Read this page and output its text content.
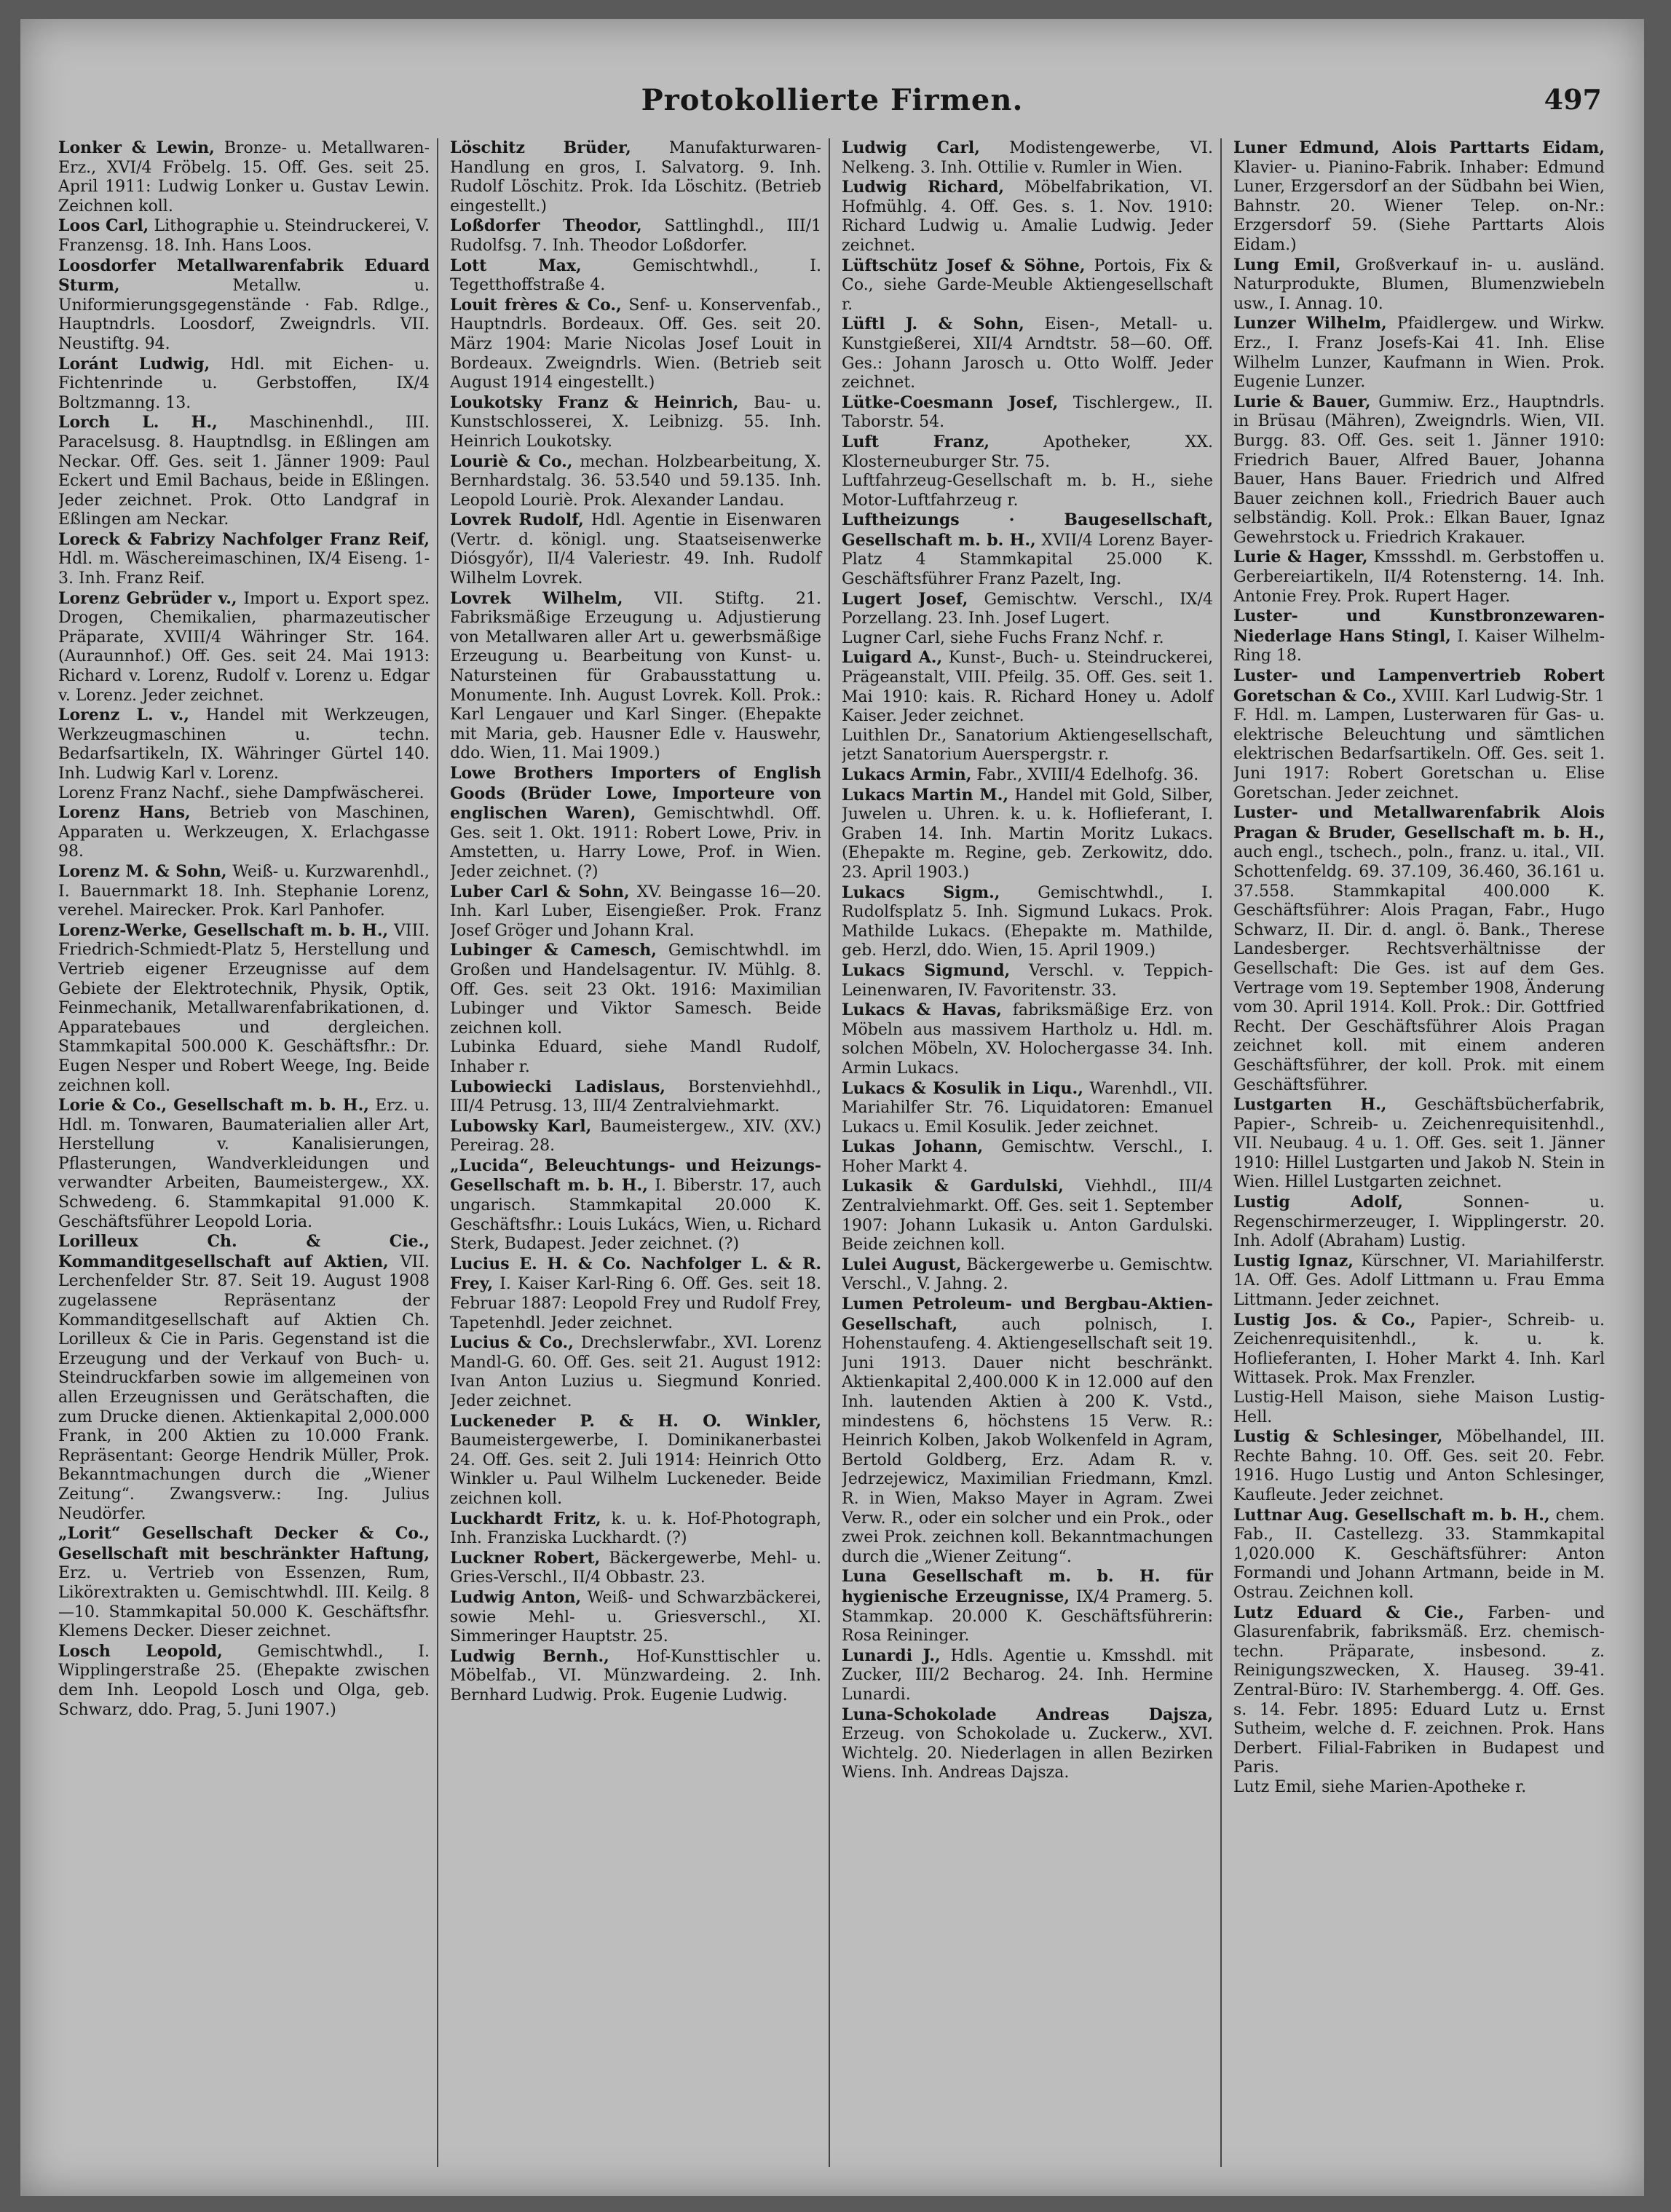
Protokollierte Firmen.	497

Lonker & Lewin, Bronze- u. Metallwaren-Erz., XVI/4 Fröbelg. 15. Off. Ges. seit 25. April 1911: Ludwig Lonker u. Gustav Lewin. Zeichnen koll.

Loos Carl, Lithographie u. Steindruckerei, V. Franzensg. 18. Inh. Hans Loos.

Loosdorfer Metallwarenfabrik Eduard Sturm,	Metallw. u. Uniformierungsgegenstände · Fab. Rdlge., Hauptndrls. Loosdorf, Zweigndrls. VII. Neustiftg. 94.

Loránt Ludwig, Hdl. mit Eichen- u. Fichtenrinde u. Gerbstoffen, IX/4 Boltzmanng. 13.

Lorch L. H., Maschinenhdl., III. Paracelsusg. 8. Hauptndlsg. in Eßlingen am Neckar. Off. Ges. seit 1. Jänner 1909: Paul Eckert und Emil Bachaus, beide in Eßlingen. Jeder zeichnet. Prok. Otto Landgraf in Eßlingen am Neckar.

Loreck & Fabrizy Nachfolger Franz Reif, Hdl. m. Wäschereimaschinen, IX/4 Eiseng. 1-3. Inh. Franz Reif.

Lorenz Gebrüder v., Import u. Export spez. Drogen, Chemikalien, pharmazeutischer Präparate, XVIII/4 Währinger Str. 164. (Auraunnhof.) Off. Ges. seit 24. Mai 1913: Richard v. Lorenz, Rudolf v. Lorenz u. Edgar v. Lorenz. Jeder zeichnet.

Lorenz L. v., Handel mit Werkzeugen, Werkzeugmaschinen u. techn. Bedarfsartikeln, IX. Währinger Gürtel 140. Inh. Ludwig Karl v. Lorenz.

Lorenz Franz Nachf., siehe Dampfwäscherei.

Lorenz Hans, Betrieb von Maschinen, Apparaten u. Werkzeugen, X. Erlachgasse 98.

Lorenz M. & Sohn, Weiß- u. Kurzwarenhdl., I. Bauernmarkt 18. Inh. Stephanie Lorenz, verehel. Mairecker. Prok. Karl Panhofer.

Lorenz-Werke, Gesellschaft m. b. H., VIII. Friedrich-Schmiedt-Platz 5, Herstellung und Vertrieb eigener Erzeugnisse auf dem Gebiete der Elektrotechnik, Physik, Optik, Feinmechanik, Metallwarenfabrikationen, d. Apparatebaues und dergleichen. Stammkapital 500.000 K. Geschäftsfhr.: Dr. Eugen Nesper und Robert Weege, Ing. Beide zeichnen koll.

Lorie & Co., Gesellschaft m. b. H., Erz. u. Hdl. m. Tonwaren, Baumaterialien aller Art, Herstellung v. Kanalisierungen, Pflasterungen, Wandverkleidungen und verwandter Arbeiten, Baumeistergew., XX. Schwedeng. 6. Stammkapital 91.000 K. Geschäftsführer Leopold Loria.

Lorilleux Ch. & Cie., Kommanditgesellschaft auf Aktien, VII. Lerchenfelder Str. 87. Seit 19. August 1908 zugelassene Repräsentanz der Kommanditgesellschaft auf Aktien Ch. Lorilleux & Cie in Paris. Gegenstand ist die Erzeugung und der Verkauf von Buch- u. Steindruckfarben sowie im allgemeinen von allen Erzeugnissen und Gerätschaften, die zum Drucke dienen. Aktienkapital 2,000.000 Frank, in 200 Aktien zu 10.000 Frank. Repräsentant: George Hendrik Müller, Prok. Bekanntmachungen durch die „Wiener Zeitung“. Zwangsverw.: Ing. Julius Neudörfer.

„Lorit“ Gesellschaft Decker & Co., Gesellschaft mit beschränkter Haftung, Erz. u. Vertrieb von Essenzen, Rum, Likörextrakten u. Gemischtwhdl. III. Keilg. 8—10. Stammkapital 50.000 K. Geschäftsfhr. Klemens Decker. Dieser zeichnet.

Losch Leopold, Gemischtwhdl., I. Wipplingerstraße 25. (Ehepakte zwischen dem Inh. Leopold Losch und Olga, geb. Schwarz, ddo. Prag, 5. Juni 1907.)

Löschitz Brüder, Manufakturwaren-Handlung en gros, I. Salvatorg. 9. Inh. Rudolf Löschitz. Prok. Ida Löschitz. (Betrieb eingestellt.)

Loßdorfer Theodor, Sattlinghdl., III/1 Rudolfsg. 7. Inh. Theodor Loßdorfer.

Lott Max,	Gemischtwhdl., I. Tegetthoffstraße 4.

Louit frères & Co., Senf- u. Konservenfab., Hauptndrls. Bordeaux. Off. Ges. seit 20. März 1904: Marie Nicolas Josef Louit in Bordeaux. Zweigndrls. Wien. (Betrieb seit August 1914 eingestellt.)

Loukotsky Franz & Heinrich, Bau- u. Kunstschlosserei, X. Leibnizg. 55. Inh. Heinrich Loukotsky.

Louriè & Co., mechan. Holzbearbeitung, X. Bernhardstalg. 36. 53.540 und 59.135. Inh. Leopold Louriè. Prok. Alexander Landau.

Lovrek Rudolf, Hdl. Agentie in Eisenwaren (Vertr. d. königl. ung. Staatseisenwerke Diósgyőr), II/4 Valeriestr. 49. Inh. Rudolf Wilhelm Lovrek.

Lovrek Wilhelm, VII. Stiftg. 21. Fabriksmäßige Erzeugung u. Adjustierung von Metallwaren aller Art u. gewerbsmäßige Erzeugung u. Bearbeitung von Kunst- u. Natursteinen für Grabausstattung u. Monumente. Inh. August Lovrek. Koll. Prok.: Karl Lengauer und Karl Singer. (Ehepakte mit Maria, geb. Hausner Edle v. Hauswehr, ddo. Wien, 11. Mai 1909.)

Lowe Brothers Importers of English Goods (Brüder Lowe, Importeure von englischen Waren), Gemischtwhdl. Off. Ges. seit 1. Okt. 1911: Robert Lowe, Priv. in Amstetten, u. Harry Lowe, Prof. in Wien. Jeder zeichnet. (?)

Luber Carl & Sohn, XV. Beingasse 16—20. Inh. Karl Luber, Eisengießer. Prok. Franz Josef Gröger und Johann Kral.

Lubinger & Camesch, Gemischtwhdl. im Großen und Handelsagentur. IV. Mühlg. 8. Off. Ges. seit 23 Okt. 1916: Maximilian Lubinger und Viktor Samesch. Beide zeichnen koll.

Lubinka Eduard, siehe Mandl Rudolf, Inhaber r.

Lubowiecki Ladislaus, Borstenviehhdl., III/4 Petrusg. 13, III/4 Zentralviehmarkt.

Lubowsky Karl, Baumeistergew., XIV. (XV.) Pereirag. 28.

„Lucida“, Beleuchtungs- und Heizungs-Gesellschaft m. b. H., I. Biberstr. 17, auch ungarisch. Stammkapital 20.000 K. Geschäftsfhr.: Louis Lukács, Wien, u. Richard Sterk, Budapest. Jeder zeichnet. (?)

Lucius E. H. & Co. Nachfolger L. & R. Frey, I. Kaiser Karl-Ring 6. Off. Ges. seit 18. Februar 1887: Leopold Frey und Rudolf Frey, Tapetenhdl. Jeder zeichnet.

Lucius & Co., Drechslerwfabr., XVI. Lorenz Mandl-G. 60. Off. Ges. seit 21. August 1912: Ivan Anton Luzius u. Siegmund Konried. Jeder zeichnet.

Luckeneder P. & H. O. Winkler, Baumeistergewerbe, I. Dominikanerbastei 24. Off. Ges. seit 2. Juli 1914: Heinrich Otto Winkler u. Paul Wilhelm Luckeneder. Beide zeichnen koll.

Luckhardt Fritz, k. u. k. Hof-Photograph, Inh. Franziska Luckhardt. (?)

Luckner Robert, Bäckergewerbe, Mehl- u. Gries-Verschl., II/4 Obbastr. 23.

Ludwig Anton, Weiß- und Schwarzbäckerei, sowie Mehl- u. Griesverschl., XI. Simmeringer Hauptstr. 25.

Ludwig Bernh., Hof-Kunsttischler u. Möbelfab., VI. Münzwardeing. 2. Inh. Bernhard Ludwig. Prok. Eugenie Ludwig.

Ludwig Carl, Modistengewerbe, VI. Nelkeng. 3. Inh. Ottilie v. Rumler in Wien.

Ludwig Richard, Möbelfabrikation, VI. Hofmühlg. 4. Off. Ges. s. 1. Nov. 1910: Richard Ludwig u. Amalie Ludwig. Jeder zeichnet.

Lüftschütz Josef & Söhne, Portois, Fix & Co., siehe Garde-Meuble Aktiengesellschaft r.

Lüftl J. & Sohn, Eisen-, Metall- u. Kunstgießerei, XII/4 Arndtstr. 58—60. Off. Ges.: Johann Jarosch u. Otto Wolff. Jeder zeichnet.

Lütke-Coesmann Josef, Tischlergew., II. Taborstr. 54.

Luft Franz,	Apotheker, XX. Klosterneuburger Str. 75.

Luftfahrzeug-Gesellschaft m. b. H., siehe Motor-Luftfahrzeug r.

Luftheizungs · Baugesellschaft, Gesellschaft m. b. H., XVII/4 Lorenz Bayer-Platz 4 Stammkapital 25.000 K. Geschäftsführer Franz Pazelt, Ing.

Lugert Josef, Gemischtw. Verschl., IX/4 Porzellang. 23. Inh. Josef Lugert.

Lugner Carl, siehe Fuchs Franz Nchf. r.

Luigard A., Kunst-, Buch- u. Steindruckerei, Prägeanstalt, VIII. Pfeilg. 35. Off. Ges. seit 1. Mai 1910: kais. R. Richard Honey u. Adolf Kaiser. Jeder zeichnet.

Luithlen Dr., Sanatorium Aktiengesellschaft, jetzt Sanatorium Auerspergstr. r.

Lukacs Armin, Fabr., XVIII/4 Edelhofg. 36.

Lukacs Martin M., Handel mit Gold, Silber, Juwelen u. Uhren. k. u. k. Hoflieferant, I. Graben 14. Inh. Martin Moritz Lukacs. (Ehepakte m. Regine, geb. Zerkowitz, ddo. 23. April 1903.)

Lukacs Sigm., Gemischtwhdl., I. Rudolfsplatz 5. Inh. Sigmund Lukacs. Prok. Mathilde Lukacs. (Ehepakte m. Mathilde, geb. Herzl, ddo. Wien, 15. April 1909.)

Lukacs Sigmund, Verschl. v. Teppich-Leinenwaren, IV. Favoritenstr. 33.

Lukacs & Havas, fabriksmäßige Erz. von Möbeln aus massivem Hartholz u. Hdl. m. solchen Möbeln, XV. Holochergasse 34. Inh. Armin Lukacs.

Lukacs & Kosulik in Liqu., Warenhdl., VII. Mariahilfer Str. 76. Liquidatoren: Emanuel Lukacs u. Emil Kosulik. Jeder zeichnet.

Lukas Johann, Gemischtw. Verschl., I. Hoher Markt 4.

Lukasik & Gardulski, Viehhdl., III/4 Zentralviehmarkt. Off. Ges. seit 1. September 1907: Johann Lukasik u. Anton Gardulski. Beide zeichnen koll.

Lulei August, Bäckergewerbe u. Gemischtw. Verschl., V. Jahng. 2.

Lumen Petroleum- und Bergbau-Aktien-Gesellschaft,	auch polnisch, I. Hohenstaufeng. 4. Aktiengesellschaft seit 19. Juni 1913. Dauer nicht beschränkt. Aktienkapital 2,400.000 K in 12.000 auf den Inh. lautenden Aktien à 200 K. Vstd., mindestens 6, höchstens 15 Verw. R.: Heinrich Kolben, Jakob Wolkenfeld in Agram, Bertold Goldberg, Erz. Adam R. v. Jedrzejewicz, Maximilian Friedmann, Kmzl. R. in Wien, Makso Mayer in Agram. Zwei Verw. R., oder ein solcher und ein Prok., oder zwei Prok. zeichnen koll. Bekanntmachungen durch die „Wiener Zeitung“.

Luna Gesellschaft m. b. H. für hygienische Erzeugnisse, IX/4 Pramerg. 5. Stammkap. 20.000 K. Geschäftsführerin: Rosa Reininger.

Lunardi J., Hdls. Agentie u. Kmsshdl. mit Zucker, III/2 Becharog. 24. Inh. Hermine Lunardi.

Luna-Schokolade Andreas Dajsza, Erzeug. von Schokolade u. Zuckerw., XVI. Wichtelg. 20. Niederlagen in allen Bezirken Wiens. Inh. Andreas Dajsza.

Luner Edmund, Alois Parttarts Eidam, Klavier- u. Pianino-Fabrik. Inhaber: Edmund Luner, Erzgersdorf an der Südbahn bei Wien, Bahnstr. 20. Wiener Telep. on-Nr.: Erzgersdorf 59. (Siehe Parttarts Alois Eidam.)

Lung Emil, Großverkauf in- u. ausländ. Naturprodukte, Blumen, Blumenzwiebeln usw., I. Annag. 10.

Lunzer Wilhelm, Pfaidlergew. und Wirkw. Erz., I. Franz Josefs-Kai 41. Inh. Elise Wilhelm Lunzer, Kaufmann in Wien. Prok. Eugenie Lunzer.

Lurie & Bauer, Gummiw. Erz., Hauptndrls. in Brüsau (Mähren), Zweigndrls. Wien, VII. Burgg. 83. Off. Ges. seit 1. Jänner 1910: Friedrich Bauer, Alfred Bauer, Johanna Bauer, Hans Bauer. Friedrich und Alfred Bauer zeichnen koll., Friedrich Bauer auch selbständig. Koll. Prok.: Elkan Bauer, Ignaz Gewehrstock u. Friedrich Krakauer.

Lurie & Hager, Kmssshdl. m. Gerbstoffen u. Gerbereiartikeln, II/4 Rotensterng. 14. Inh. Antonie Frey. Prok. Rupert Hager.

Luster- und Kunstbronzewaren-Niederlage Hans Stingl, I. Kaiser Wilhelm-Ring 18.

Luster- und Lampenvertrieb Robert Goretschan & Co., XVIII. Karl Ludwig-Str. 1 F. Hdl. m. Lampen, Lusterwaren für Gas- u. elektrische Beleuchtung und sämtlichen elektrischen Bedarfsartikeln. Off. Ges. seit 1. Juni 1917: Robert Goretschan u. Elise Goretschan. Jeder zeichnet.

Luster- und Metallwarenfabrik Alois Pragan & Bruder, Gesellschaft m. b. H., auch engl., tschech., poln., franz. u. ital., VII. Schottenfeldg. 69. 37.109, 36.460, 36.161 u. 37.558. Stammkapital 400.000 K. Geschäftsführer: Alois Pragan, Fabr., Hugo Schwarz, II. Dir. d. angl. ö. Bank., Therese Landesberger. Rechtsverhältnisse der Gesellschaft: Die Ges. ist auf dem Ges. Vertrage vom 19. September 1908, Änderung vom 30. April 1914. Koll. Prok.: Dir. Gottfried Recht. Der Geschäftsführer Alois Pragan zeichnet koll. mit einem anderen Geschäftsführer, der koll. Prok. mit einem Geschäftsführer.

Lustgarten H., Geschäftsbücherfabrik, Papier-, Schreib- u. Zeichenrequisitenhdl., VII. Neubaug. 4 u. 1. Off. Ges. seit 1. Jänner 1910: Hillel Lustgarten und Jakob N. Stein in Wien. Hillel Lustgarten zeichnet.

Lustig Adolf,	Sonnen- u. Regenschirmerzeuger, I. Wipplingerstr. 20. Inh. Adolf (Abraham) Lustig.

Lustig Ignaz, Kürschner, VI. Mariahilferstr. 1A. Off. Ges. Adolf Littmann u. Frau Emma Littmann. Jeder zeichnet.

Lustig Jos. & Co., Papier-, Schreib- u. Zeichenrequisitenhdl., k. u. k. Hoflieferanten, I. Hoher Markt 4. Inh. Karl Wittasek. Prok. Max Frenzler.

Lustig-Hell Maison, siehe Maison Lustig-Hell.

Lustig & Schlesinger, Möbelhandel, III. Rechte Bahng. 10. Off. Ges. seit 20. Febr. 1916. Hugo Lustig und Anton Schlesinger, Kaufleute. Jeder zeichnet.

Luttnar Aug. Gesellschaft m. b. H., chem. Fab., II. Castellezg. 33. Stammkapital 1,020.000 K. Geschäftsführer: Anton Formandi und Johann Artmann, beide in M. Ostrau. Zeichnen koll.

Lutz Eduard & Cie., Farben- und Glasurenfabrik, fabriksmäß. Erz. chemisch-techn. Präparate, insbesond. z. Reinigungszwecken, X. Hauseg. 39-41. Zentral-Büro: IV. Starhembergg. 4. Off. Ges. s. 14. Febr. 1895: Eduard Lutz u. Ernst Sutheim, welche d. F. zeichnen. Prok. Hans Derbert. Filial-Fabriken in Budapest und Paris.

Lutz Emil, siehe Marien-Apotheke r.
